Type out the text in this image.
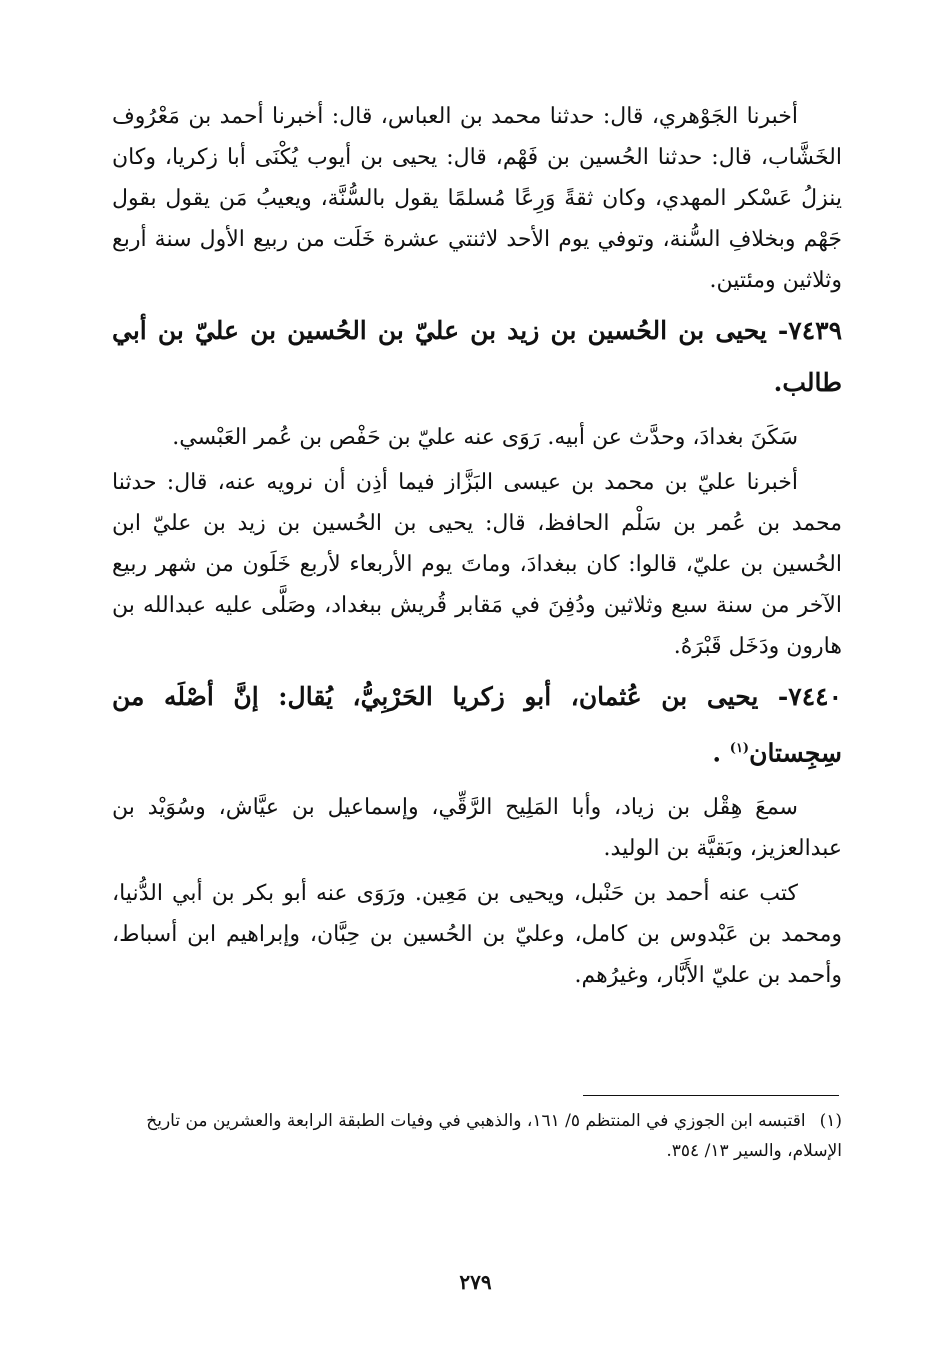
أخبرنا الجَوْهري، قال: حدثنا محمد بن العباس، قال: أخبرنا أحمد بن مَعْرُوف الخَشَّاب، قال: حدثنا الحُسين بن فَهْم، قال: يحيى بن أيوب يُكْنَى أبا زكريا، وكان ينزلُ عَسْكر المهدي، وكان ثقةً وَرِعًا مُسلمًا يقول بالسُّنَّة، ويعيبُ مَن يقول بقول جَهْم وبخلافِ السُّنة، وتوفي يوم الأحد لاثنتي عشرة خَلَت من ربيع الأول سنة أربع وثلاثين ومئتين.

٧٤٣٩- يحيى بن الحُسين بن زيد بن عليّ بن الحُسين بن عليّ بن أبي طالب.

سَكَنَ بغدادَ، وحدَّث عن أبيه. رَوَى عنه عليّ بن حَفْص بن عُمر العَبْسي.

أخبرنا عليّ بن محمد بن عيسى البَزَّاز فيما أذِن أن نرويه عنه، قال: حدثنا محمد بن عُمر بن سَلْم الحافظ، قال: يحيى بن الحُسين بن زيد بن عليّ ابن الحُسين بن عليّ، قالوا: كان ببغدادَ، وماتَ يوم الأربعاء لأربع خَلَون من شهر ربيع الآخر من سنة سبع وثلاثين ودُفِنَ في مَقابر قُريش ببغداد، وصَلَّى عليه عبدالله بن هارون ودَخَل قَبْرَهُ.

٧٤٤٠- يحيى بن عُثمان، أبو زكريا الحَرْبِيُّ، يُقال: إنَّ أصْلَه من سِجِستان$^{(١)}$ .

سمعَ هِقْل بن زياد، وأبا المَلِيح الرَّقِّي، وإسماعيل بن عيَّاش، وسُوَيْد بن عبدالعزيز، وبَقيَّة بن الوليد.

كتب عنه أحمد بن حَنْبل، ويحيى بن مَعِين. ورَوَى عنه أبو بكر بن أبي الدُّنيا، ومحمد بن عَبْدوس بن كامل، وعليّ بن الحُسين بن حِبَّان، وإبراهيم ابن أسباط، وأحمد بن عليّ الأَبَّار، وغيرُهم.

(١)اقتبسه ابن الجوزي في المنتظم ٥/ ١٦١، والذهبي في وفيات الطبقة الرابعة والعشرين من تاريخ الإسلام، والسير ١٣/ ٣٥٤.
٢٧٩
